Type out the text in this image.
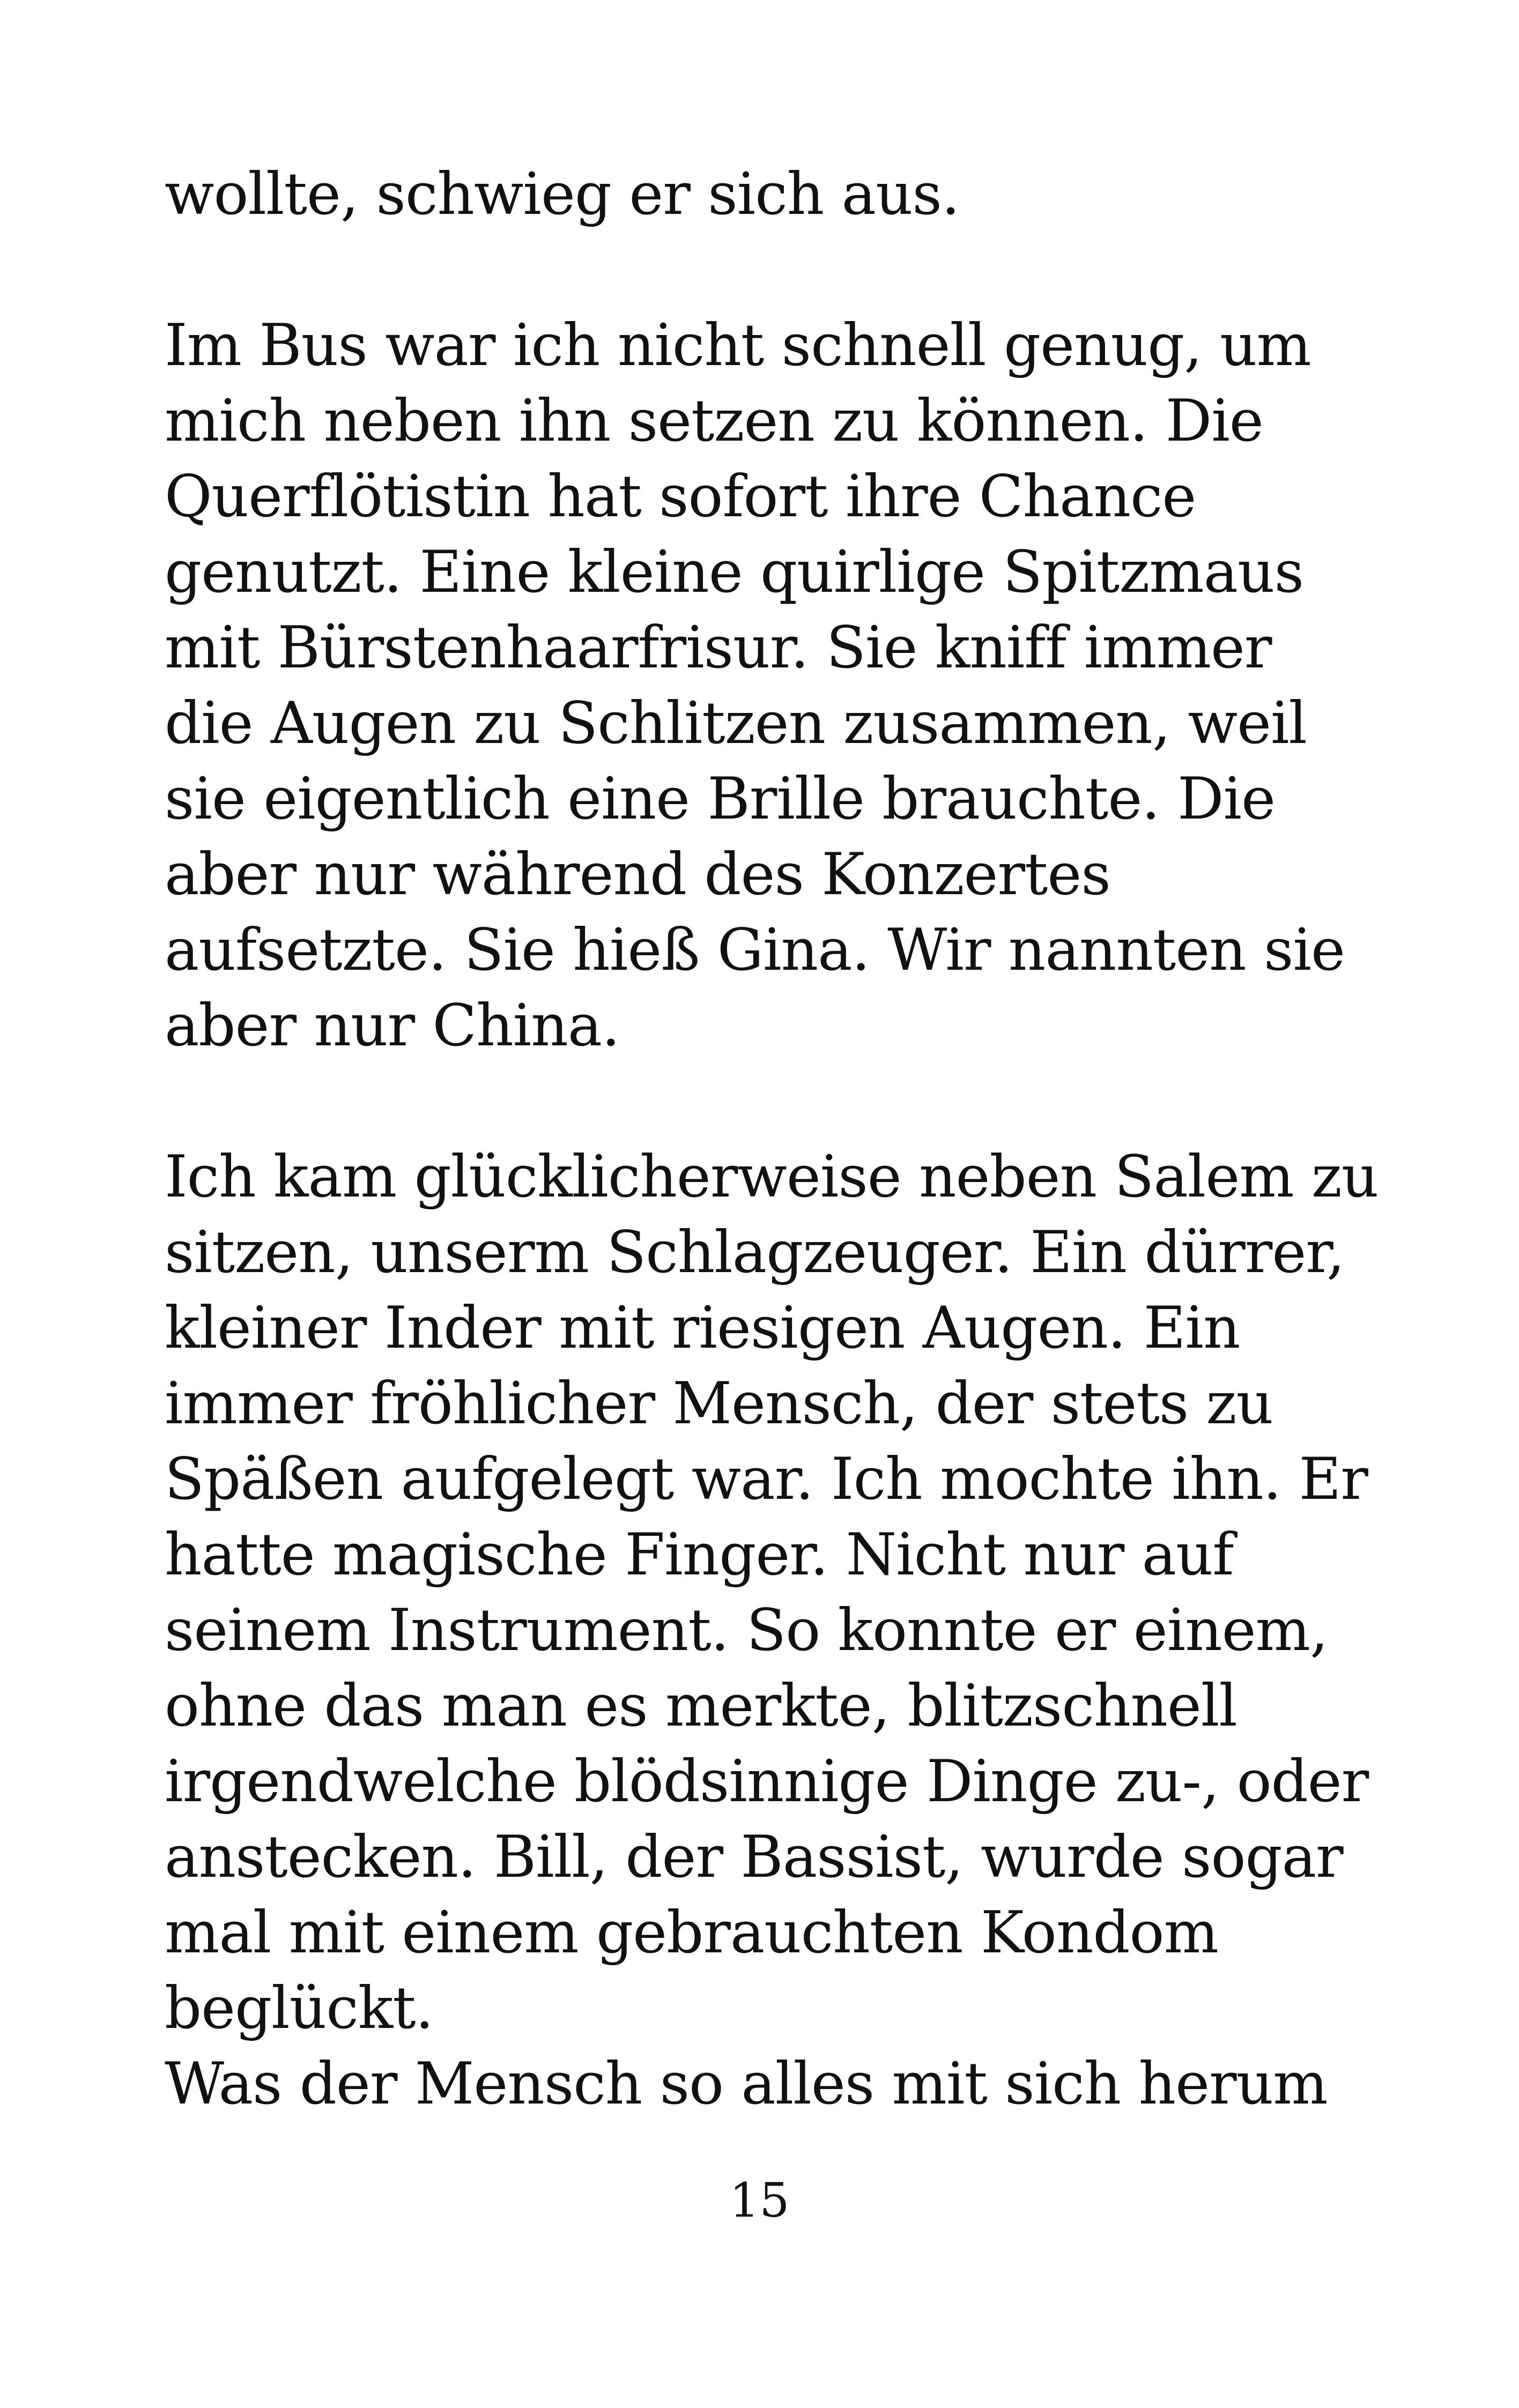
wollte, schwieg er sich aus.
Im Bus war ich nicht schnell genug, um
mich neben ihn setzen zu können. Die
Querflötistin hat sofort ihre Chance
genutzt. Eine kleine quirlige Spitzmaus
mit Bürstenhaarfrisur. Sie kniff immer
die Augen zu Schlitzen zusammen, weil
sie eigentlich eine Brille brauchte. Die
aber nur während des Konzertes
aufsetzte. Sie hieß Gina. Wir nannten sie
aber nur China.
Ich kam glücklicherweise neben Salem zu
sitzen, unserm Schlagzeuger. Ein dürrer,
kleiner Inder mit riesigen Augen. Ein
immer fröhlicher Mensch, der stets zu
Späßen aufgelegt war. Ich mochte ihn. Er
hatte magische Finger. Nicht nur auf
seinem Instrument. So konnte er einem,
ohne das man es merkte, blitzschnell
irgendwelche blödsinnige Dinge zu-, oder
anstecken. Bill, der Bassist, wurde sogar
mal mit einem gebrauchten Kondom
beglückt.
Was der Mensch so alles mit sich herum
15
